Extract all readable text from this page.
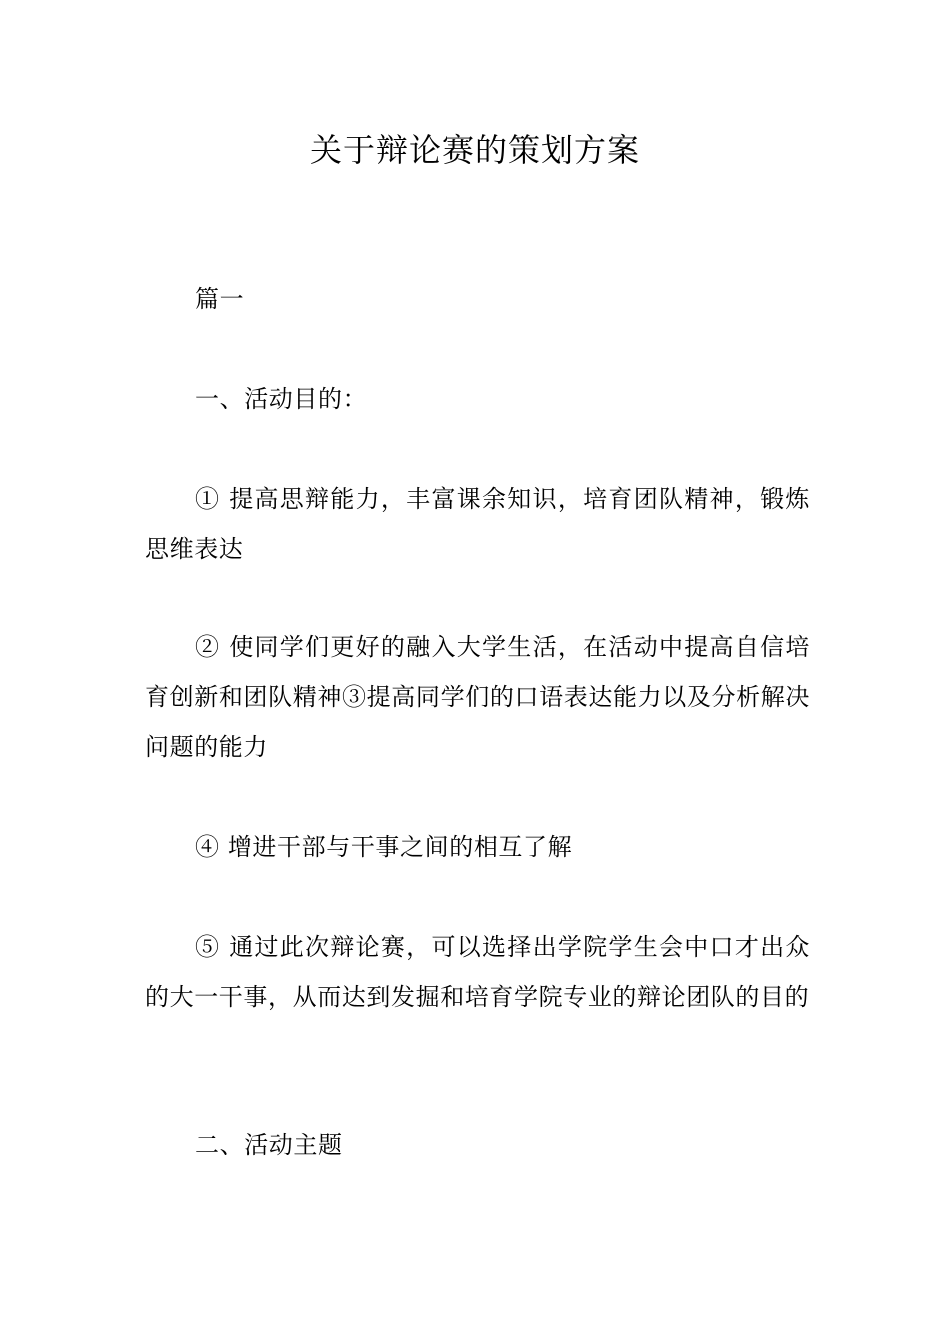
关于辩论赛的策划方案

篇一

一、活动目的：

① 提高思辩能力，丰富课余知识，培育团队精神，锻炼思维表达

② 使同学们更好的融入大学生活，在活动中提高自信培育创新和团队精神③提高同学们的口语表达能力以及分析解决问题的能力

④ 增进干部与干事之间的相互了解

⑤ 通过此次辩论赛，可以选择出学院学生会中口才出众的大一干事，从而达到发掘和培育学院专业的辩论团队的目的

二、活动主题
